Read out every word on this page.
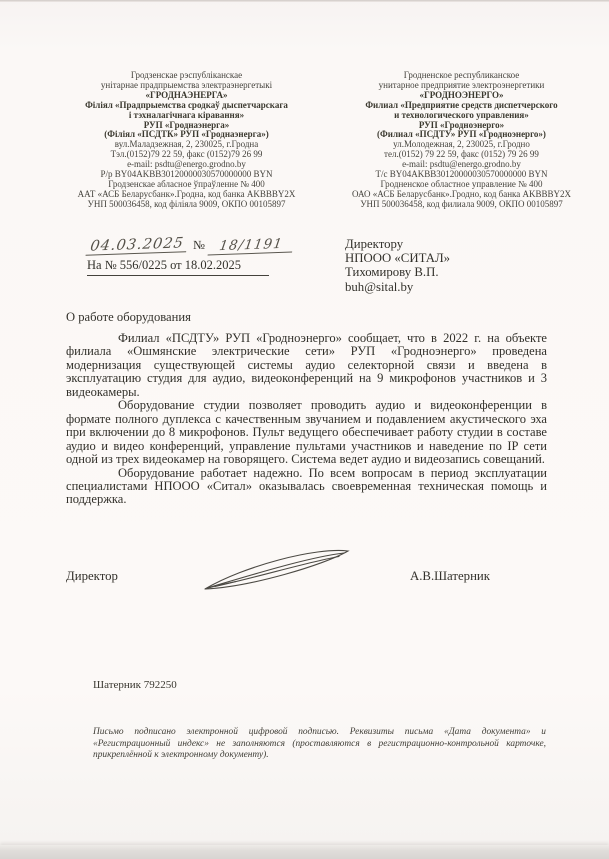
Гродзенскае рэспубліканскае
унітарнае прадпрыемства электраэнергетыкі
«ГРОДНАЭНЕРГА»
Філіял «Прадпрыемства сродкаў дыспетчарскага
і тэхналагічнага кіравання»
РУП «Гроднаэнерга»
(Філіял «ПСДТК» РУП «Гроднаэнерга»)
вул.Маладзежная, 2, 230025, г.Гродна
Тэл.(0152)79 22 59, факс (0152)79 26 99
e-mail: psdtu@energo.grodno.by
Р/р BY04AKBB30120000030570000000 BYN
Гродзенскае абласное ўпраўленне № 400
ААТ «АСБ Беларусбанк».Гродна, код банка AKBBBY2X
УНП 500036458, код філіяла 9009, ОКПО 00105897
Гродненское республиканское
унитарное предприятие электроэнергетики
«ГРОДНОЭНЕРГО»
Филиал «Предприятие средств диспетчерского
и технологического управления»
РУП «Гродноэнерго»
(Филиал «ПСДТУ» РУП «Гродноэнерго»)
ул.Молодежная, 2, 230025, г.Гродно
тел.(0152) 79 22 59, факс (0152) 79 26 99
e-mail: psdtu@energo.grodno.by
Т/с BY04AKBB30120000030570000000 BYN
Гродненское областное управление № 400
ОАО «АСБ Беларусбанк».Гродно, код банка AKBBBY2X
УНП 500036458, код филиала 9009, ОКПО 00105897
04.03.2025 № 18/1191
На № 556/0225 от 18.02.2025
Директору
НПООО «СИТАЛ»
Тихомирову В.П.
buh@sital.by
О работе оборудования

Филиал «ПСДТУ» РУП «Гродноэнерго» сообщает, что в 2022 г. на объекте филиала «Ошмянские электрические сети» РУП «Гродноэнерго» проведена модернизация существующей системы аудио селекторной связи и введена в эксплуатацию студия для аудио, видеоконференций на 9 микрофонов участников и 3 видеокамеры.

Оборудование студии позволяет проводить аудио и видеоконференции в формате полного дуплекса с качественным звучанием и подавлением акустического эха при включении до 8 микрофонов. Пульт ведущего обеспечивает работу студии в составе аудио и видео конференций, управление пультами участников и наведение по IP сети одной из трех видеокамер на говорящего. Система ведет аудио и видеозапись совещаний.

Оборудование работает надежно. По всем вопросам в период эксплуатации специалистами НПООО «Ситал» оказывалась своевременная техническая помощь и поддержка.

Директор	А.В.Шатерник
Шатерник 792250
Письмо подписано электронной цифровой подписью. Реквизиты письма «Дата документа» и «Регистрационный индекс» не заполняются (проставляются в регистрационно-контрольной карточке, прикреплённой к электронному документу).
